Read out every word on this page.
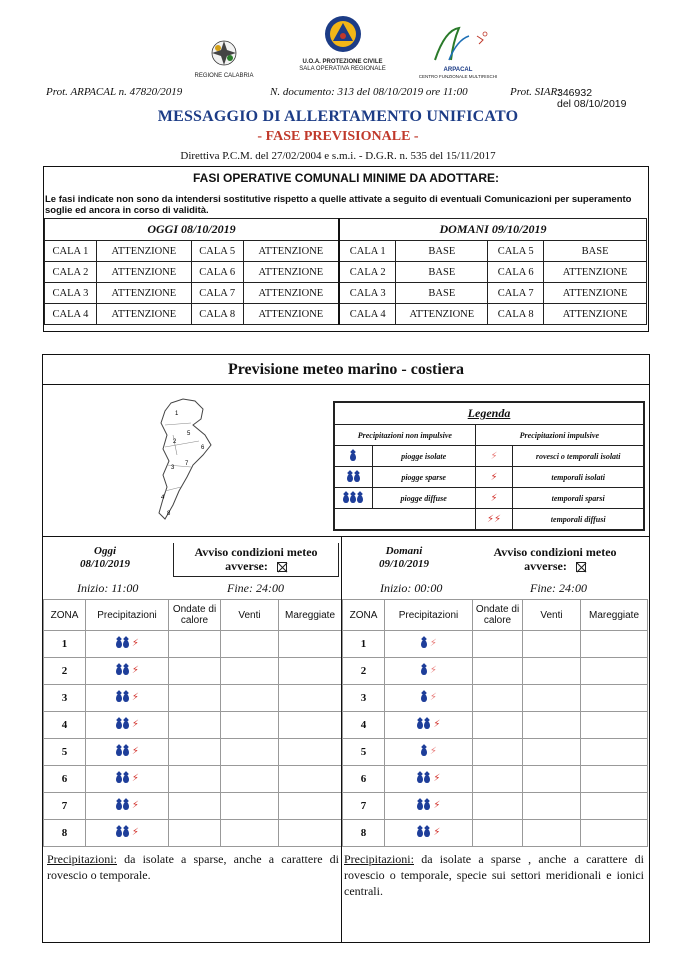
REGIONE CALABRIA
U.O.A. PROTEZIONE CIVILE
SALA OPERATIVA REGIONALE	ARPACAL
CENTRO FUNZIONALE MULTIRISCHI
Prot. ARPACAL n. 47820/2019	N. documento: 313 del 08/10/2019 ore 11:00	Prot. SIAR:
346932
del 08/10/2019
MESSAGGIO DI ALLERTAMENTO UNIFICATO
- FASE PREVISIONALE -
Direttiva P.C.M. del 27/02/2004 e s.m.i. - D.G.R. n. 535 del 15/11/2017
FASI OPERATIVE COMUNALI MINIME DA ADOTTARE:
Le fasi indicate non sono da intendersi sostitutive rispetto a quelle attivate a seguito di eventuali Comunicazioni per superamento soglie ed ancora in corso di validità.
OGGI 08/10/2019				DOMANI 09/10/2019			
CALA 1	ATTENZIONE	CALA 5	ATTENZIONE	CALA 1	BASE	CALA 5	BASE
CALA 2	ATTENZIONE	CALA 6	ATTENZIONE	CALA 2	BASE	CALA 6	ATTENZIONE
CALA 3	ATTENZIONE	CALA 7	ATTENZIONE	CALA 3	BASE	CALA 7	ATTENZIONE
CALA 4	ATTENZIONE	CALA 8	ATTENZIONE	CALA 4	ATTENZIONE	CALA 8	ATTENZIONE
Previsione meteo marino - costiera
1
5
2
6
3
7
4
8
Legenda			
Precipitazioni non impulsive		Precipitazioni impulsive	
	piogge isolate	⚡	rovesci o temporali isolati
	piogge sparse	⚡	temporali isolati
	piogge diffuse	⚡	temporali sparsi
		⚡⚡	temporali diffusi
Oggi
08/10/2019
Avviso condizioni meteo avverse:
Inizio: 11:00	Fine: 24:00
ZONA	Precipitazioni	Ondate di calore	Venti	Mareggiate
1	⚡			
2	⚡			
3	⚡			
4	⚡			
5	⚡			
6	⚡			
7	⚡			
8	⚡			
Precipitazioni: da isolate a sparse, anche a carattere di rovescio o temporale.
Domani
09/10/2019
Avviso condizioni meteo avverse:
Inizio: 00:00	Fine: 24:00
ZONA	Precipitazioni	Ondate di calore	Venti	Mareggiate
1	⚡			
2	⚡			
3	⚡			
4	⚡			
5	⚡			
6	⚡			
7	⚡			
8	⚡			
Precipitazioni: da isolate a sparse , anche a carattere di rovescio o temporale, specie sui settori meridionali e ionici centrali.
